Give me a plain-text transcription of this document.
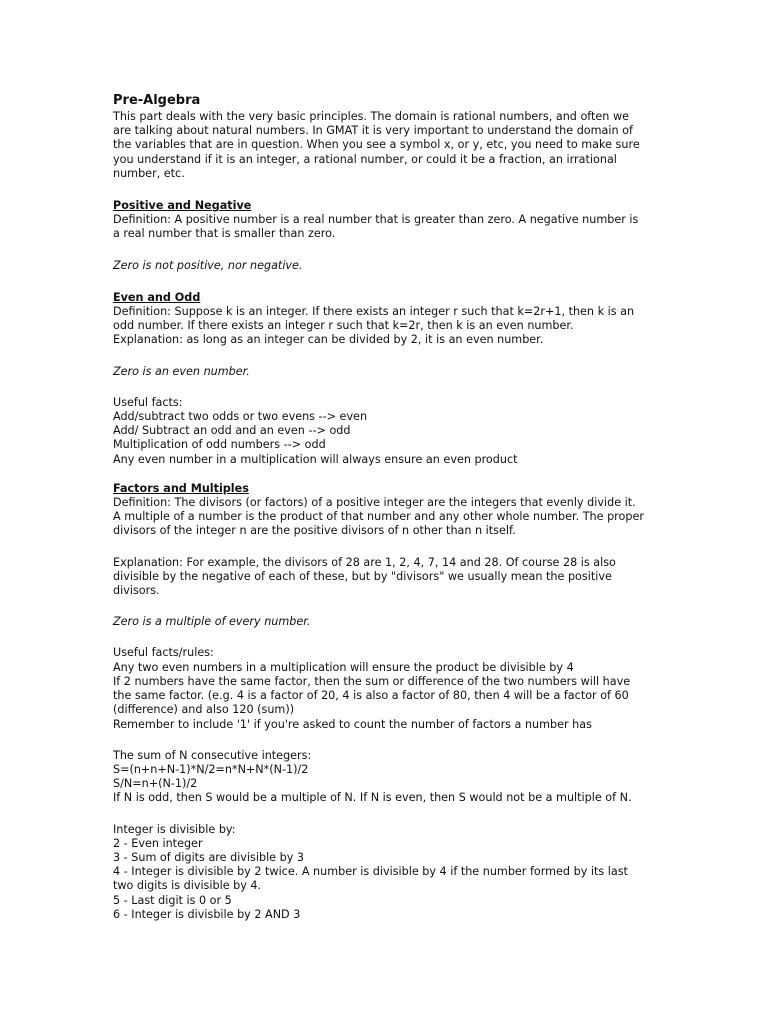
Pre-Algebra
This part deals with the very basic principles. The domain is rational numbers, and often we
are talking about natural numbers. In GMAT it is very important to understand the domain of
the variables that are in question. When you see a symbol x, or y, etc, you need to make sure
you understand if it is an integer, a rational number, or could it be a fraction, an irrational
number, etc.
Positive and Negative
Definition: A positive number is a real number that is greater than zero. A negative number is
a real number that is smaller than zero.
Zero is not positive, nor negative.
Even and Odd
Definition: Suppose k is an integer. If there exists an integer r such that k=2r+1, then k is an
odd number. If there exists an integer r such that k=2r, then k is an even number.
Explanation: as long as an integer can be divided by 2, it is an even number.
Zero is an even number.
Useful facts:
Add/subtract two odds or two evens --> even
Add/ Subtract an odd and an even --> odd
Multiplication of odd numbers --> odd
Any even number in a multiplication will always ensure an even product
Factors and Multiples
Definition: The divisors (or factors) of a positive integer are the integers that evenly divide it.
A multiple of a number is the product of that number and any other whole number. The proper
divisors of the integer n are the positive divisors of n other than n itself.
Explanation: For example, the divisors of 28 are 1, 2, 4, 7, 14 and 28. Of course 28 is also
divisible by the negative of each of these, but by "divisors" we usually mean the positive
divisors.
Zero is a multiple of every number.
Useful facts/rules:
Any two even numbers in a multiplication will ensure the product be divisible by 4
If 2 numbers have the same factor, then the sum or difference of the two numbers will have
the same factor. (e.g. 4 is a factor of 20, 4 is also a factor of 80, then 4 will be a factor of 60
(difference) and also 120 (sum))
Remember to include '1' if you're asked to count the number of factors a number has
The sum of N consecutive integers:
S=(n+n+N-1)*N/2=n*N+N*(N-1)/2
S/N=n+(N-1)/2
If N is odd, then S would be a multiple of N. If N is even, then S would not be a multiple of N.
Integer is divisible by:
2 - Even integer
3 - Sum of digits are divisible by 3
4 - Integer is divisible by 2 twice. A number is divisible by 4 if the number formed by its last
two digits is divisible by 4.
5 - Last digit is 0 or 5
6 - Integer is divisbile by 2 AND 3
